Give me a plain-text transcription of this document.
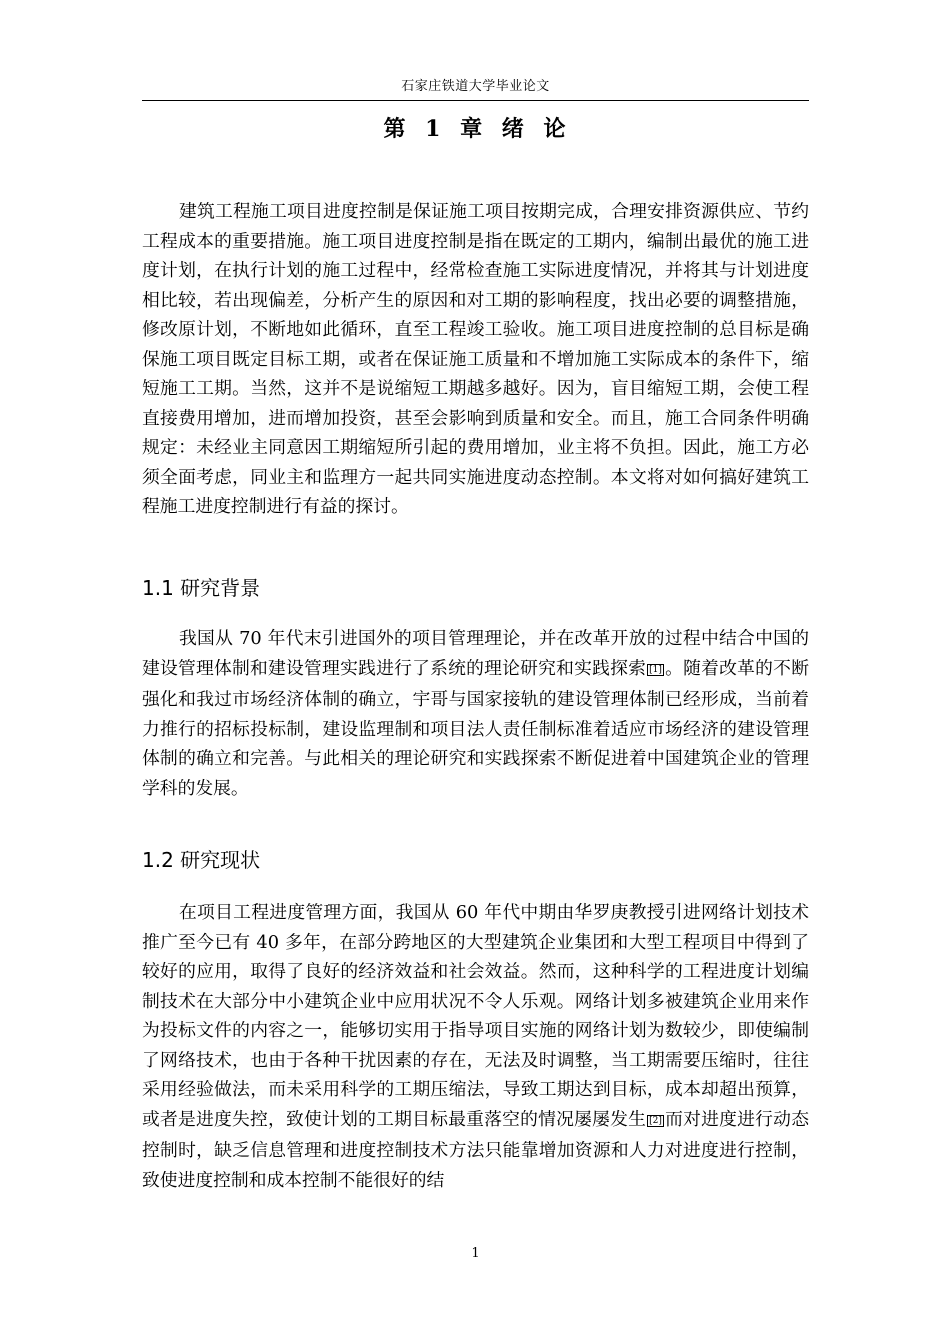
石家庄铁道大学毕业论文
第 1 章 绪 论

建筑工程施工项目进度控制是保证施工项目按期完成，合理安排资源供应、节约工程成本的重要措施。施工项目进度控制是指在既定的工期内，编制出最优的施工进度计划，在执行计划的施工过程中，经常检查施工实际进度情况，并将其与计划进度相比较，若出现偏差，分析产生的原因和对工期的影响程度，找出必要的调整措施，修改原计划，不断地如此循环，直至工程竣工验收。施工项目进度控制的总目标是确保施工项目既定目标工期，或者在保证施工质量和不增加施工实际成本的条件下，缩短施工工期。当然，这并不是说缩短工期越多越好。因为，盲目缩短工期，会使工程直接费用增加，进而增加投资，甚至会影响到质量和安全。而且，施工合同条件明确规定：未经业主同意因工期缩短所引起的费用增加，业主将不负担。因此，施工方必须全面考虑，同业主和监理方一起共同实施进度动态控制。本文将对如何搞好建筑工程施工进度控制进行有益的探讨。

1.1 研究背景

我国从 70 年代末引进国外的项目管理理论，并在改革开放的过程中结合中国的建设管理体制和建设管理实践进行了系统的理论研究和实践探索 [1] 。随着改革的不断强化和我过市场经济体制的确立，宇哥与国家接轨的建设管理体制已经形成，当前着力推行的招标投标制，建设监理制和项目法人责任制标准着适应市场经济的建设管理体制的确立和完善。与此相关的理论研究和实践探索不断促进着中国建筑企业的管理学科的发展。

1.2 研究现状

在项目工程进度管理方面，我国从 60 年代中期由华罗庚教授引进网络计划技术推广至今已有 40 多年，在部分跨地区的大型建筑企业集团和大型工程项目中得到了较好的应用，取得了良好的经济效益和社会效益。然而，这种科学的工程进度计划编制技术在大部分中小建筑企业中应用状况不令人乐观。网络计划多被建筑企业用来作为投标文件的内容之一，能够切实用于指导项目实施的网络计划为数较少，即使编制了网络技术，也由于各种干扰因素的存在，无法及时调整，当工期需要压缩时，往往采用经验做法，而未采用科学的工期压缩法，导致工期达到目标，成本却超出预算，或者是进度失控，致使计划的工期目标最重落空的情况屡屡发生 [2] 而对进度进行动态控制时，缺乏信息管理和进度控制技术方法只能靠增加资源和人力对进度进行控制，致使进度控制和成本控制不能很好的结

1
